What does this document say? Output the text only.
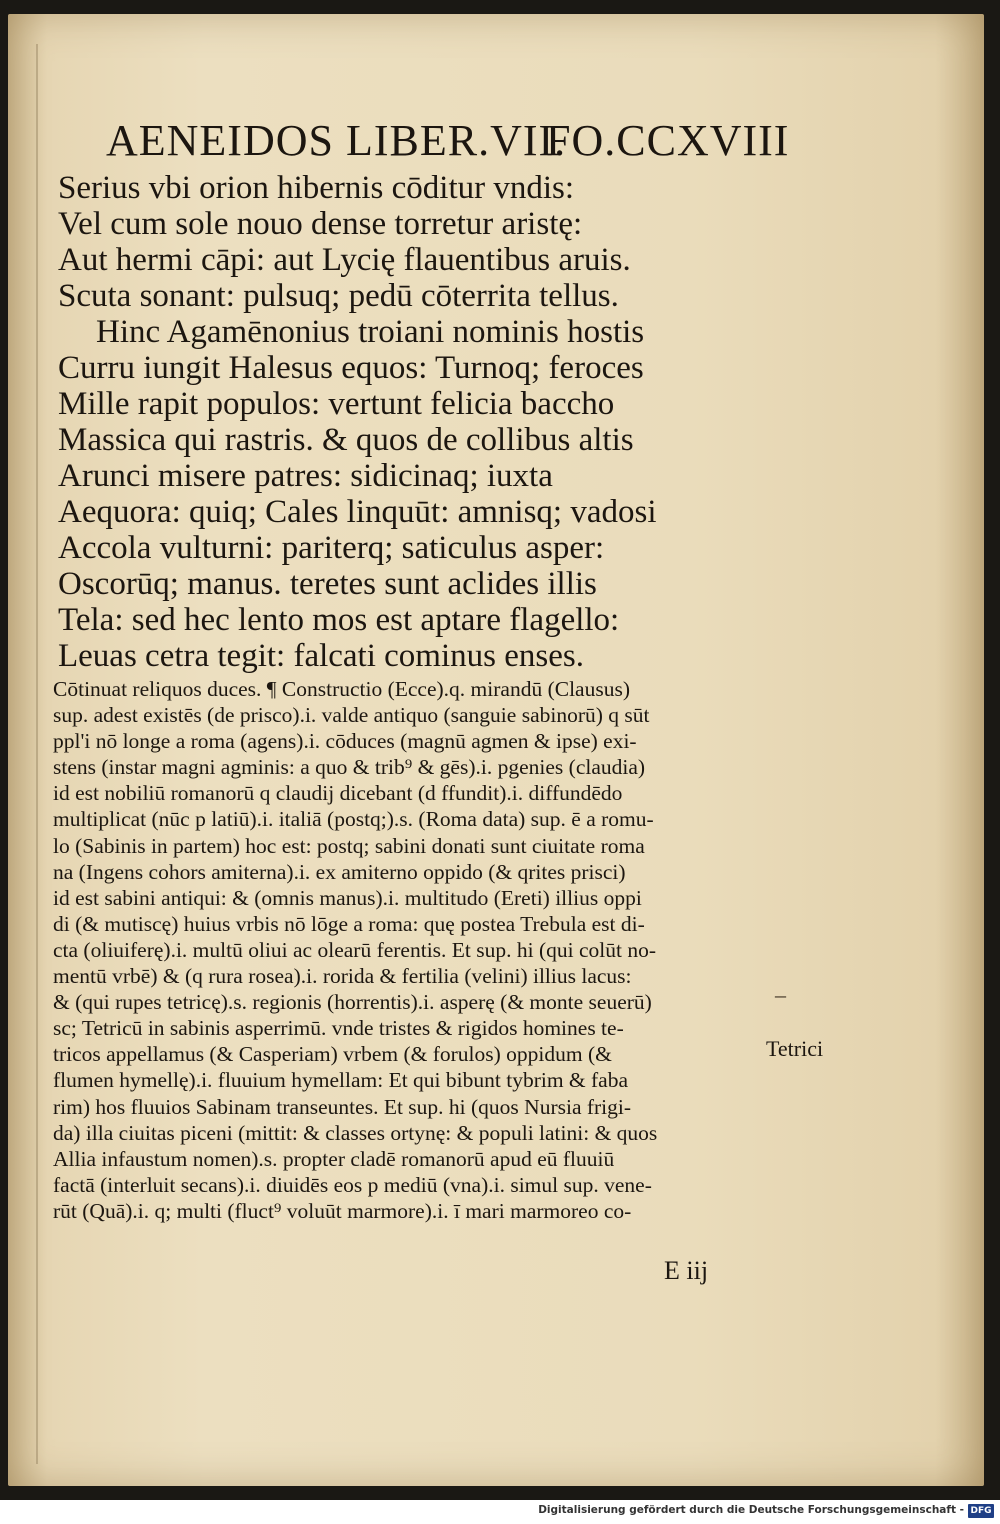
AENEIDOS LIBER.VII.
FO.CCXVIII
Serius vbi orion hibernis cōditur vndis:
Vel cum sole nouo dense torretur aristę:
Aut hermi cāpi: aut Lycię flauentibus aruis.
Scuta sonant: pulsuq; pedū cōterrita tellus.
Hinc Agamēnonius troiani nominis hostis
Curru iungit Halesus equos: Turnoq; feroces
Mille rapit populos: vertunt felicia baccho
Massica qui rastris. & quos de collibus altis
Arunci misere patres: sidicinaq; iuxta
Aequora: quiq; Cales linquūt: amnisq; vadosi
Accola vulturni: pariterq; saticulus asper:
Oscorūq; manus. teretes sunt aclides illis
Tela: sed hec lento mos est aptare flagello:
Leuas cetra tegit: falcati cominus enses.
Cōtinuat reliquos duces. ¶ Constructio (Ecce).q. mirandū (Clausus)
sup. adest existēs (de prisco).i. valde antiquo (sanguie sabinorū) q sūt
ppl'i nō longe a roma (agens).i. cōduces (magnū agmen & ipse) exi-
stens (instar magni agminis: a quo & trib⁹ & gēs).i. pgenies (claudia)
id est nobiliū romanorū q claudij dicebant (d ffundit).i. diffundēdo
multiplicat (nūc p latiū).i. italiā (postq;).s. (Roma data) sup. ē a romu-
lo (Sabinis in partem) hoc est: postq; sabini donati sunt ciuitate roma
na (Ingens cohors amiterna).i. ex amiterno oppido (& qrites prisci)
id est sabini antiqui: & (omnis manus).i. multitudo (Ereti) illius oppi
di (& mutiscę) huius vrbis nō lōge a roma: quę postea Trebula est di-
cta (oliuiferę).i. multū oliui ac olearū ferentis. Et sup. hi (qui colūt no-
mentū vrbē) & (q rura rosea).i. rorida & fertilia (velini) illius lacus:
& (qui rupes tetricę).s. regionis (horrentis).i. asperę (& monte seuerū)
sc; Tetricū in sabinis asperrimū. vnde tristes & rigidos homines te-
tricos appellamus (& Casperiam) vrbem (& forulos) oppidum (&
flumen hymellę).i. fluuium hymellam: Et qui bibunt tybrim & faba
rim) hos fluuios Sabinam transeuntes. Et sup. hi (quos Nursia frigi-
da) illa ciuitas piceni (mittit: & classes ortynę: & populi latini: & quos
Allia infaustum nomen).s. propter cladē romanorū apud eū fluuiū
factā (interluit secans).i. diuidēs eos p mediū (vna).i. simul sup. vene-
rūt (Quā).i. q; multi (fluct⁹ voluūt marmore).i. ī mari marmoreo co-
–
Tetrici
E iij
Digitalisierung gefördert durch die Deutsche Forschungsgemeinschaft - DFG
